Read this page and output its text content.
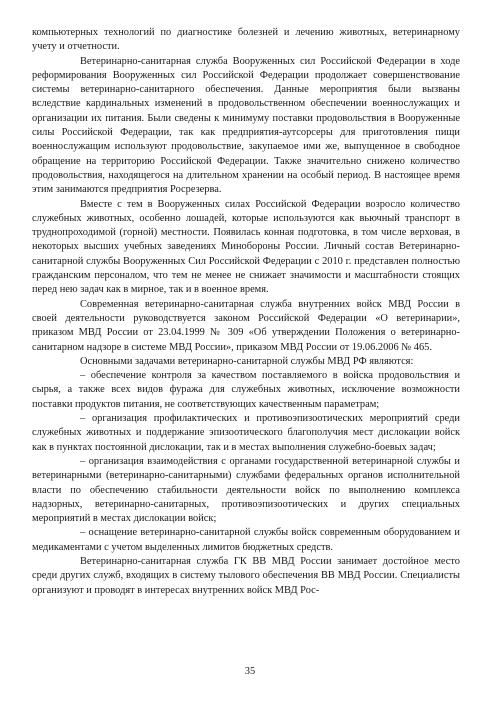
компьютерных технологий по диагностике болезней и лечению животных, ветеринарному учету и отчетности.

Ветеринарно-санитарная служба Вооруженных сил Российской Федерации в ходе реформирования Вооруженных сил Российской Федерации продолжает совершенствование системы ветеринарно-санитарного обеспечения. Данные мероприятия были вызваны вследствие кардинальных изменений в продовольственном обеспечении военнослужащих и организации их питания. Были сведены к минимуму поставки продовольствия в Вооруженные силы Российской Федерации, так как предприятия-аутсорсеры для приготовления пищи военнослужащим используют продовольствие, закупаемое ими же, выпущенное в свободное обращение на территорию Российской Федерации. Также значительно снижено количество продовольствия, находящегося на длительном хранении на особый период. В настоящее время этим занимаются предприятия Росрезерва.

Вместе с тем в Вооруженных силах Российской Федерации возросло количество служебных животных, особенно лошадей, которые используются как вьючный транспорт в труднопроходимой (горной) местности. Появилась конная подготовка, в том числе верховая, в некоторых высших учебных заведениях Минобороны России. Личный состав Ветеринарно-санитарной службы Вооруженных Сил Российской Федерации с 2010 г. представлен полностью гражданским персоналом, что тем не менее не снижает значимости и масштабности стоящих перед нею задач как в мирное, так и в военное время.

Современная ветеринарно-санитарная служба внутренних войск МВД России в своей деятельности руководствуется законом Российской Федерации «О ветеринарии», приказом МВД России от 23.04.1999 № 309 «Об утверждении Положения о ветеринарно-санитарном надзоре в системе МВД России», приказом МВД России от 19.06.2006 № 465.

Основными задачами ветеринарно-санитарной службы МВД РФ являются:

– обеспечение контроля за качеством поставляемого в войска продовольствия и сырья, а также всех видов фуража для служебных животных, исключение возможности поставки продуктов питания, не соответствующих качественным параметрам;

– организация профилактических и противоэпизоотических мероприятий среди служебных животных и поддержание эпизоотического благополучия мест дислокации войск как в пунктах постоянной дислокации, так и в местах выполнения служебно-боевых задач;

– организация взаимодействия с органами государственной ветеринарной службы и ветеринарными (ветеринарно-санитарными) службами федеральных органов исполнительной власти по обеспечению стабильности деятельности войск по выполнению комплекса надзорных, ветеринарно-санитарных, противоэпизоотических и других специальных мероприятий в местах дислокации войск;

– оснащение ветеринарно-санитарной службы войск современным оборудованием и медикаментами с учетом выделенных лимитов бюджетных средств.

Ветеринарно-санитарная служба ГК ВВ МВД России занимает достойное место среди других служб, входящих в систему тылового обеспечения ВВ МВД России. Специалисты организуют и проводят в интересах внутренних войск МВД Рос-

35
